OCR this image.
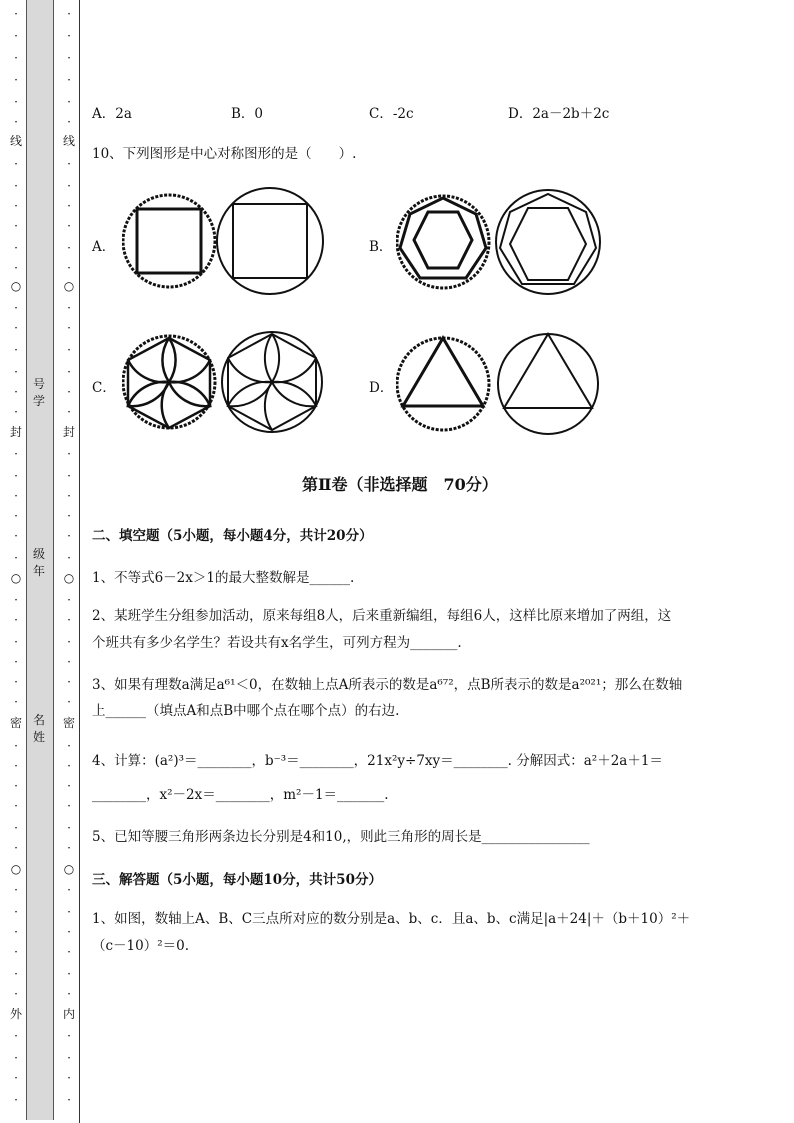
·
·
·
·
·
·
线
·
·
·
·
·
·
○
·
·
·
·
·
·
封
·
·
·
·
·
·
○
·
·
·
·
·
·
密
·
·
·
·
·
·
○
·
·
·
·
·
·
外
·
·
·
·
·
·
·
·
·
·
线
·
·
·
·
·
·
○
·
·
·
·
·
·
封
·
·
·
·
·
·
○
·
·
·
·
·
·
密
·
·
·
·
·
·
○
·
·
·
·
·
·
内
·
·
·
·
号学
级年
名姓
A．2a	B．0	C．-2c	D．2a－2b＋2c
10、下列图形是中心对称图形的是（　　）.
A．	B．
C．	D．
第Ⅱ卷（非选择题　70分）
二、填空题（5小题，每小题4分，共计20分）
1、不等式6－2x＞1的最大整数解是______.
2、某班学生分组参加活动，原来每组8人，后来重新编组，每组6人，这样比原来增加了两组，这
个班共有多少名学生？若设共有x名学生，可列方程为_______.
3、如果有理数a满足a⁶¹＜0，在数轴上点A所表示的数是a⁶⁷²，点B所表示的数是a²⁰²¹；那么在数轴
上______（填点A和点B中哪个点在哪个点）的右边.
4、计算：(a²)³＝________，b⁻³＝________，21x²y÷7xy＝________. 分解因式：a²＋2a＋1＝
________，x²－2x＝________，m²－1＝_______.
5、已知等腰三角形两条边长分别是4和10,，则此三角形的周长是________________
三、解答题（5小题，每小题10分，共计50分）
1、如图，数轴上A、B、C三点所对应的数分别是a、b、c．且a、b、c满足|a＋24|＋（b＋10）²＋
（c－10）²＝0.
